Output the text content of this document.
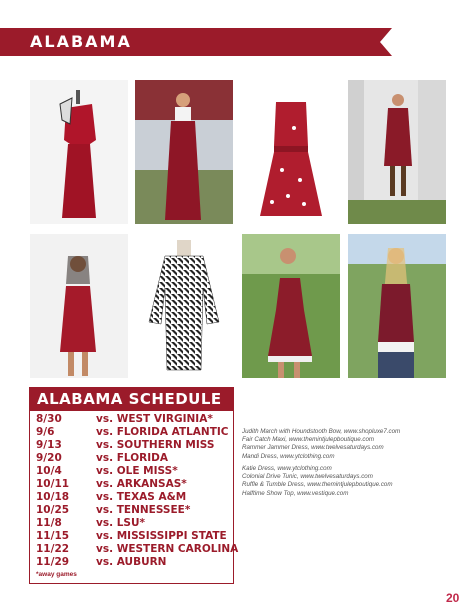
ALABAMA
ALABAMA SCHEDULE
8/30	vs. WEST VIRGINIA*
9/6	vs. FLORIDA ATLANTIC
9/13	vs. SOUTHERN MISS
9/20	vs. FLORIDA
10/4	vs. OLE MISS*
10/11	vs. ARKANSAS*
10/18	vs. TEXAS A&M
10/25	vs. TENNESSEE*
11/8	vs. LSU*
11/15	vs. MISSISSIPPI STATE
11/22	vs. WESTERN CAROLINA
11/29	vs. AUBURN
*away games
Judith March with Houndstooth Bow, www.shopluxe7.com
Fair Catch Maxi, www.themintjulepboutique.com
Rammer Jammer Dress, www.twelvesaturdays.com
Mandi Dress, www.ytclothing.com
Katie Dress, www.ytclothing.com
Colonial Drive Tunic, www.twelvesaturdays.com
Ruffle & Tumble Dress, www.themintjulepboutique.com
Halftime Show Top, www.vestique.com
20
